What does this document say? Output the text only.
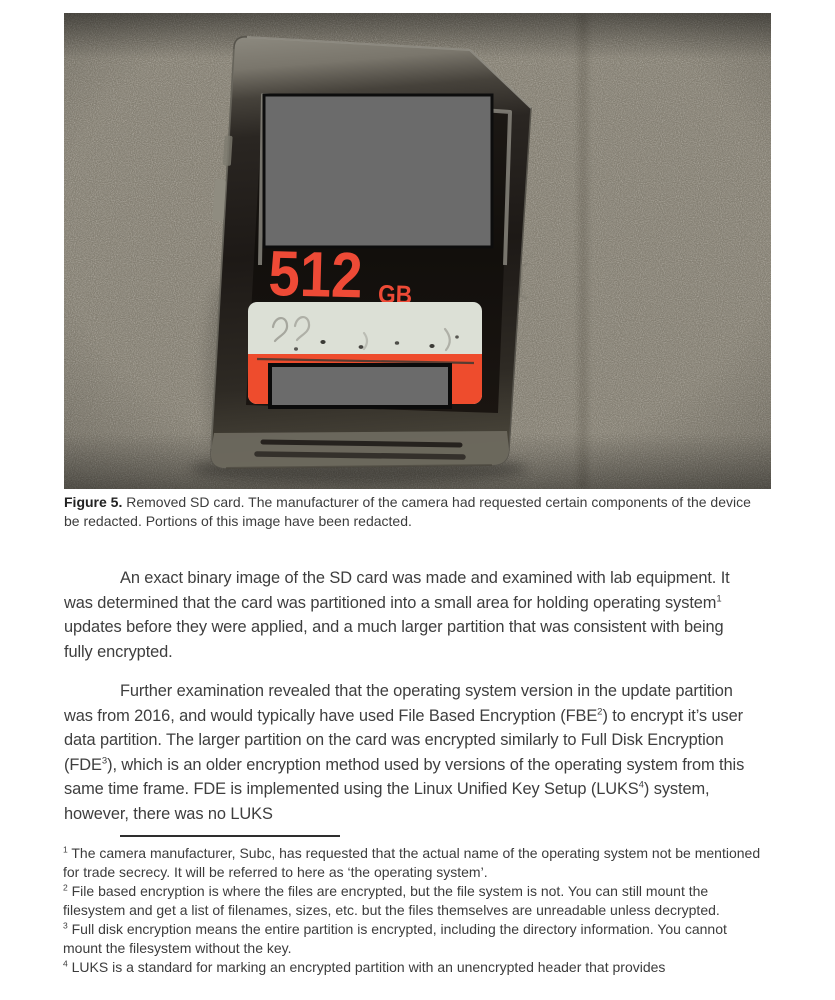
512 GB

Figure 5. Removed SD card. The manufacturer of the camera had requested certain components of the device be redacted. Portions of this image have been redacted.

An exact binary image of the SD card was made and examined with lab equipment. It was determined that the card was partitioned into a small area for holding operating system$^1$ updates before they were applied, and a much larger partition that was consistent with being fully encrypted.

Further examination revealed that the operating system version in the update partition was from 2016, and would typically have used File Based Encryption (FBE$^2$) to encrypt it’s user data partition. The larger partition on the card was encrypted similarly to Full Disk Encryption (FDE$^3$), which is an older encryption method used by versions of the operating system from this same time frame. FDE is implemented using the Linux Unified Key Setup (LUKS$^4$) system, however, there was no LUKS

$^1$ The camera manufacturer, Subc, has requested that the actual name of the operating system not be mentioned for trade secrecy. It will be referred to here as ‘the operating system’.
$^2$ File based encryption is where the files are encrypted, but the file system is not. You can still mount the filesystem and get a list of filenames, sizes, etc. but the files themselves are unreadable unless decrypted.
$^3$ Full disk encryption means the entire partition is encrypted, including the directory information. You cannot mount the filesystem without the key.
$^4$ LUKS is a standard for marking an encrypted partition with an unencrypted header that provides
